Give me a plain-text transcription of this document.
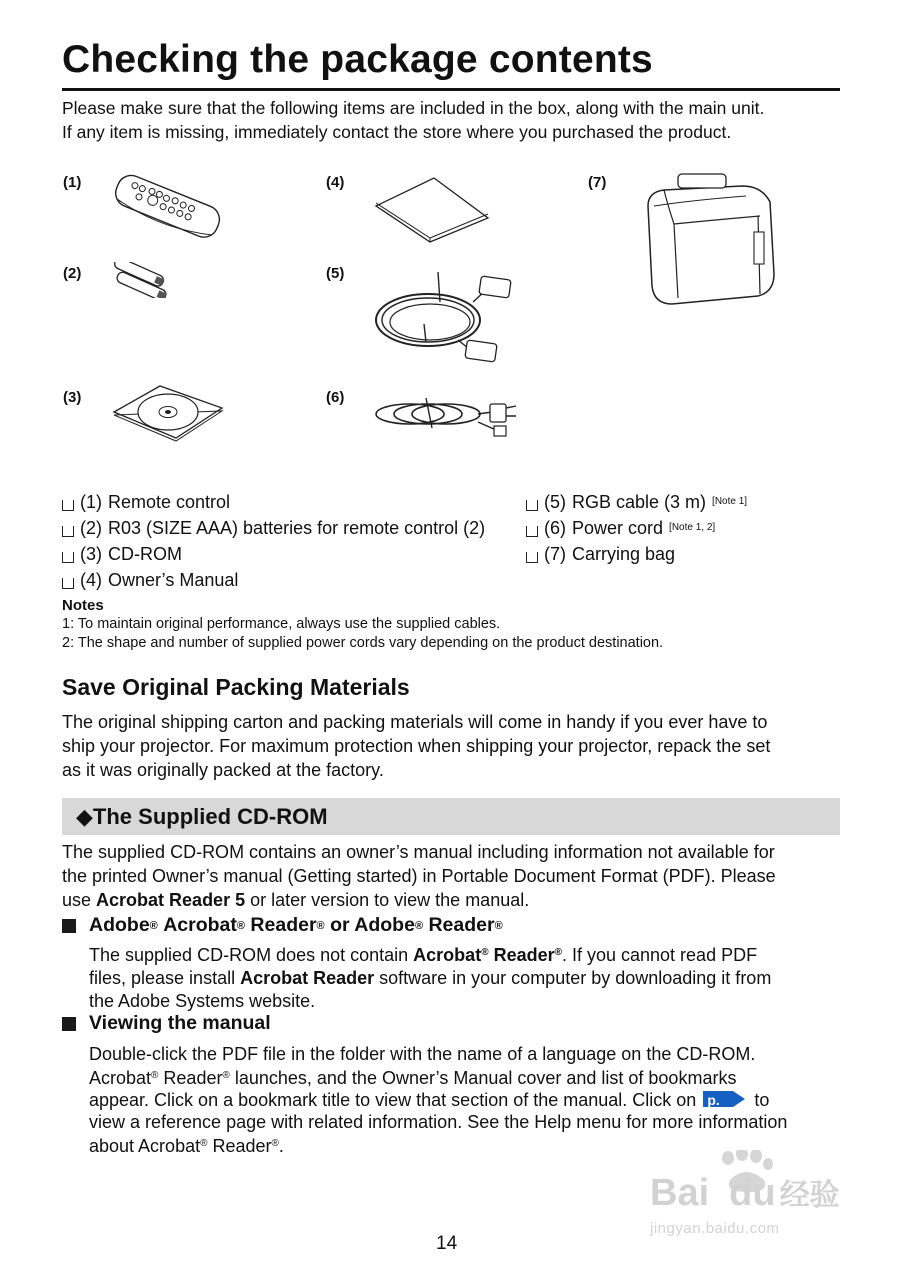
Checking the package contents
Please make sure that the following items are included in the box, along with the main unit.
If any item is missing, immediately contact the store where you purchased the product.
(1)
(2)
(3)
(4)
(5)
(6)
(7)
(1) Remote control
(2) R03 (SIZE AAA) batteries for remote control (2)
(3) CD-ROM
(4) Owner’s Manual
(5) RGB cable (3 m) [Note 1]
(6) Power cord [Note 1, 2]
(7) Carrying bag
Notes
1: To maintain original performance, always use the supplied cables.
2: The shape and number of supplied power cords vary depending on the product destination.
Save Original Packing Materials
The original shipping carton and packing materials will come in handy if you ever have to
ship your projector. For maximum protection when shipping your projector, repack the set
as it was originally packed at the factory.
◆The Supplied CD-ROM
The supplied CD-ROM contains an owner’s manual including information not available for
the printed Owner’s manual (Getting started) in Portable Document Format (PDF). Please
use Acrobat Reader 5 or later version to view the manual.
Adobe ®
Acrobat ®
Reader ®
or Adobe ®
Reader ®
The supplied CD-ROM does not contain Acrobat® Reader®. If you cannot read PDF
files, please install Acrobat Reader software in your computer by downloading it from
the Adobe Systems website.
Viewing the manual
Double-click the PDF file in the folder with the name of a language on the CD-ROM.
Acrobat® Reader® launches, and the Owner’s Manual cover and list of bookmarks
appear. Click on a bookmark title to view that section of the manual. Click on p. to
view a reference page with related information. See the Help menu for more information
about Acrobat® Reader®.
Bai du 经验
jingyan.baidu.com
14
